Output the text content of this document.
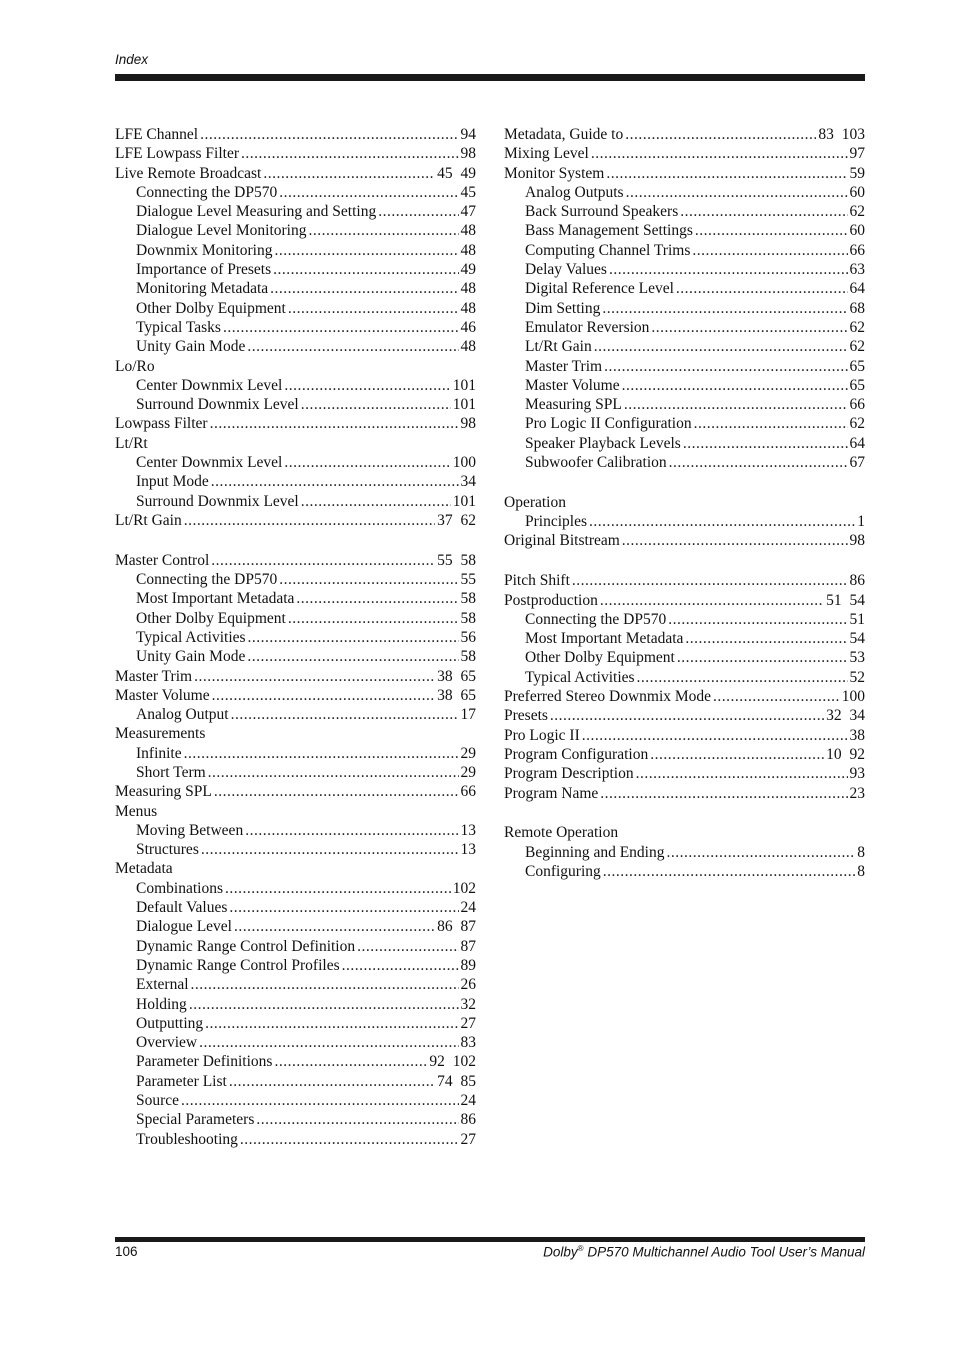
Index
LFE Channel .....	94
LFE Lowpass Filter .....	98
Live Remote Broadcast .....	45 49
Connecting the DP570 .....	45
Dialogue Level Measuring and Setting .....	47
Dialogue Level Monitoring .....	48
Downmix Monitoring .....	48
Importance of Presets .....	49
Monitoring Metadata .....	48
Other Dolby Equipment .....	48
Typical Tasks .....	46
Unity Gain Mode .....	48
Lo/Ro
Center Downmix Level .....	101
Surround Downmix Level .....	101
Lowpass Filter .....	98
Lt/Rt
Center Downmix Level .....	100
Input Mode .....	34
Surround Downmix Level .....	101
Lt/Rt Gain .....	37 62
Master Control .....	55 58
Connecting the DP570 .....	55
Most Important Metadata .....	58
Other Dolby Equipment .....	58
Typical Activities .....	56
Unity Gain Mode .....	58
Master Trim .....	38 65
Master Volume .....	38 65
Analog Output .....	17
Measurements
Infinite .....	29
Short Term .....	29
Measuring SPL .....	66
Menus
Moving Between .....	13
Structures .....	13
Metadata
Combinations .....	102
Default Values .....	24
Dialogue Level .....	86 87
Dynamic Range Control Definition .....	87
Dynamic Range Control Profiles .....	89
External .....	26
Holding .....	32
Outputting .....	27
Overview .....	83
Parameter Definitions .....	92 102
Parameter List .....	74 85
Source .....	24
Special Parameters .....	86
Troubleshooting .....	27
Metadata, Guide to .....	83 103
Mixing Level .....	97
Monitor System .....	59
Analog Outputs .....	60
Back Surround Speakers .....	62
Bass Management Settings .....	60
Computing Channel Trims .....	66
Delay Values .....	63
Digital Reference Level .....	64
Dim Setting .....	68
Emulator Reversion .....	62
Lt/Rt Gain .....	62
Master Trim .....	65
Master Volume .....	65
Measuring SPL .....	66
Pro Logic II Configuration .....	62
Speaker Playback Levels .....	64
Subwoofer Calibration .....	67
Operation
Principles .....	1
Original Bitstream .....	98
Pitch Shift .....	86
Postproduction .....	51 54
Connecting the DP570 .....	51
Most Important Metadata .....	54
Other Dolby Equipment .....	53
Typical Activities .....	52
Preferred Stereo Downmix Mode .....	100
Presets .....	32 34
Pro Logic II .....	38
Program Configuration .....	10 92
Program Description .....	93
Program Name .....	23
Remote Operation
Beginning and Ending .....	8
Configuring .....	8
106	Dolby® DP570 Multichannel Audio Tool User’s Manual
